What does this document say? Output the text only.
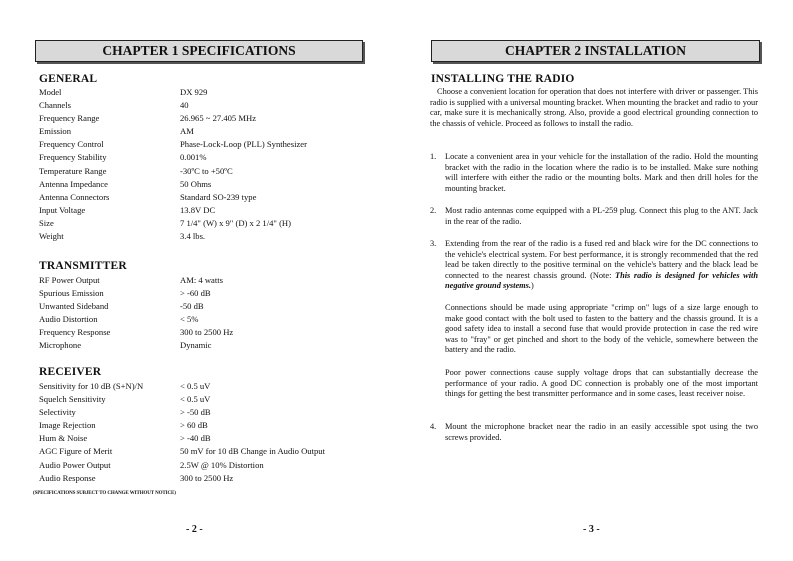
CHAPTER 1 SPECIFICATIONS
GENERAL
Model	DX 929
Channels	40
Frequency Range	26.965 ~ 27.405 MHz
Emission	AM
Frequency Control	Phase-Lock-Loop (PLL) Synthesizer
Frequency Stability	0.001%
Temperature Range	-30ºC to +50ºC
Antenna Impedance	50 Ohms
Antenna Connectors	Standard SO-239 type
Input Voltage	13.8V DC
Size	7 1/4" (W) x 9" (D) x 2 1/4" (H)
Weight	3.4 lbs.
TRANSMITTER
RF Power Output	AM: 4 watts
Spurious Emission	> -60 dB
Unwanted Sideband	-50 dB
Audio Distortion	< 5%
Frequency Response	300 to 2500 Hz
Microphone	Dynamic
RECEIVER
Sensitivity for 10 dB (S+N)/N	< 0.5 uV
Squelch Sensitivity	< 0.5 uV
Selectivity	> -50 dB
Image Rejection	> 60 dB
Hum & Noise	> -40 dB
AGC Figure of Merit	50 mV for 10 dB Change in Audio Output
Audio Power Output	2.5W @ 10% Distortion
Audio Response	300 to 2500 Hz
(SPECIFICATIONS SUBJECT TO CHANGE WITHOUT NOTICE)
- 2 -
CHAPTER 2 INSTALLATION
INSTALLING THE RADIO
Choose a convenient location for operation that does not interfere with driver or passenger. This radio is supplied with a universal mounting bracket. When mounting the bracket and radio to your car, make sure it is mechanically strong. Also, provide a good electrical grounding connection to the chassis of vehicle. Proceed as follows to install the radio.
1. Locate a convenient area in your vehicle for the installation of the radio. Hold the mounting bracket with the radio in the location where the radio is to be installed. Make sure nothing will interfere with either the radio or the mounting bolts. Mark and then drill holes for the mounting bracket.
2. Most radio antennas come equipped with a PL-259 plug. Connect this plug to the ANT. Jack in the rear of the radio.
3. Extending from the rear of the radio is a fused red and black wire for the DC connections to the vehicle's electrical system. For best performance, it is strongly recommended that the red lead be taken directly to the positive terminal on the vehicle's battery and the black lead be connected to the nearest chassis ground. (Note: This radio is designed for vehicles with negative ground systems.)
Connections should be made using appropriate "crimp on" lugs of a size large enough to make good contact with the bolt used to fasten to the battery and the chassis ground. It is a good safety idea to install a second fuse that would provide protection in case the red wire was to "fray" or get pinched and short to the body of the vehicle, somewhere between the battery and the radio.
Poor power connections cause supply voltage drops that can substantially decrease the performance of your radio. A good DC connection is probably one of the most important things for getting the best transmitter performance and in some cases, least receiver noise.
4. Mount the microphone bracket near the radio in an easily accessible spot using the two screws provided.
- 3 -
